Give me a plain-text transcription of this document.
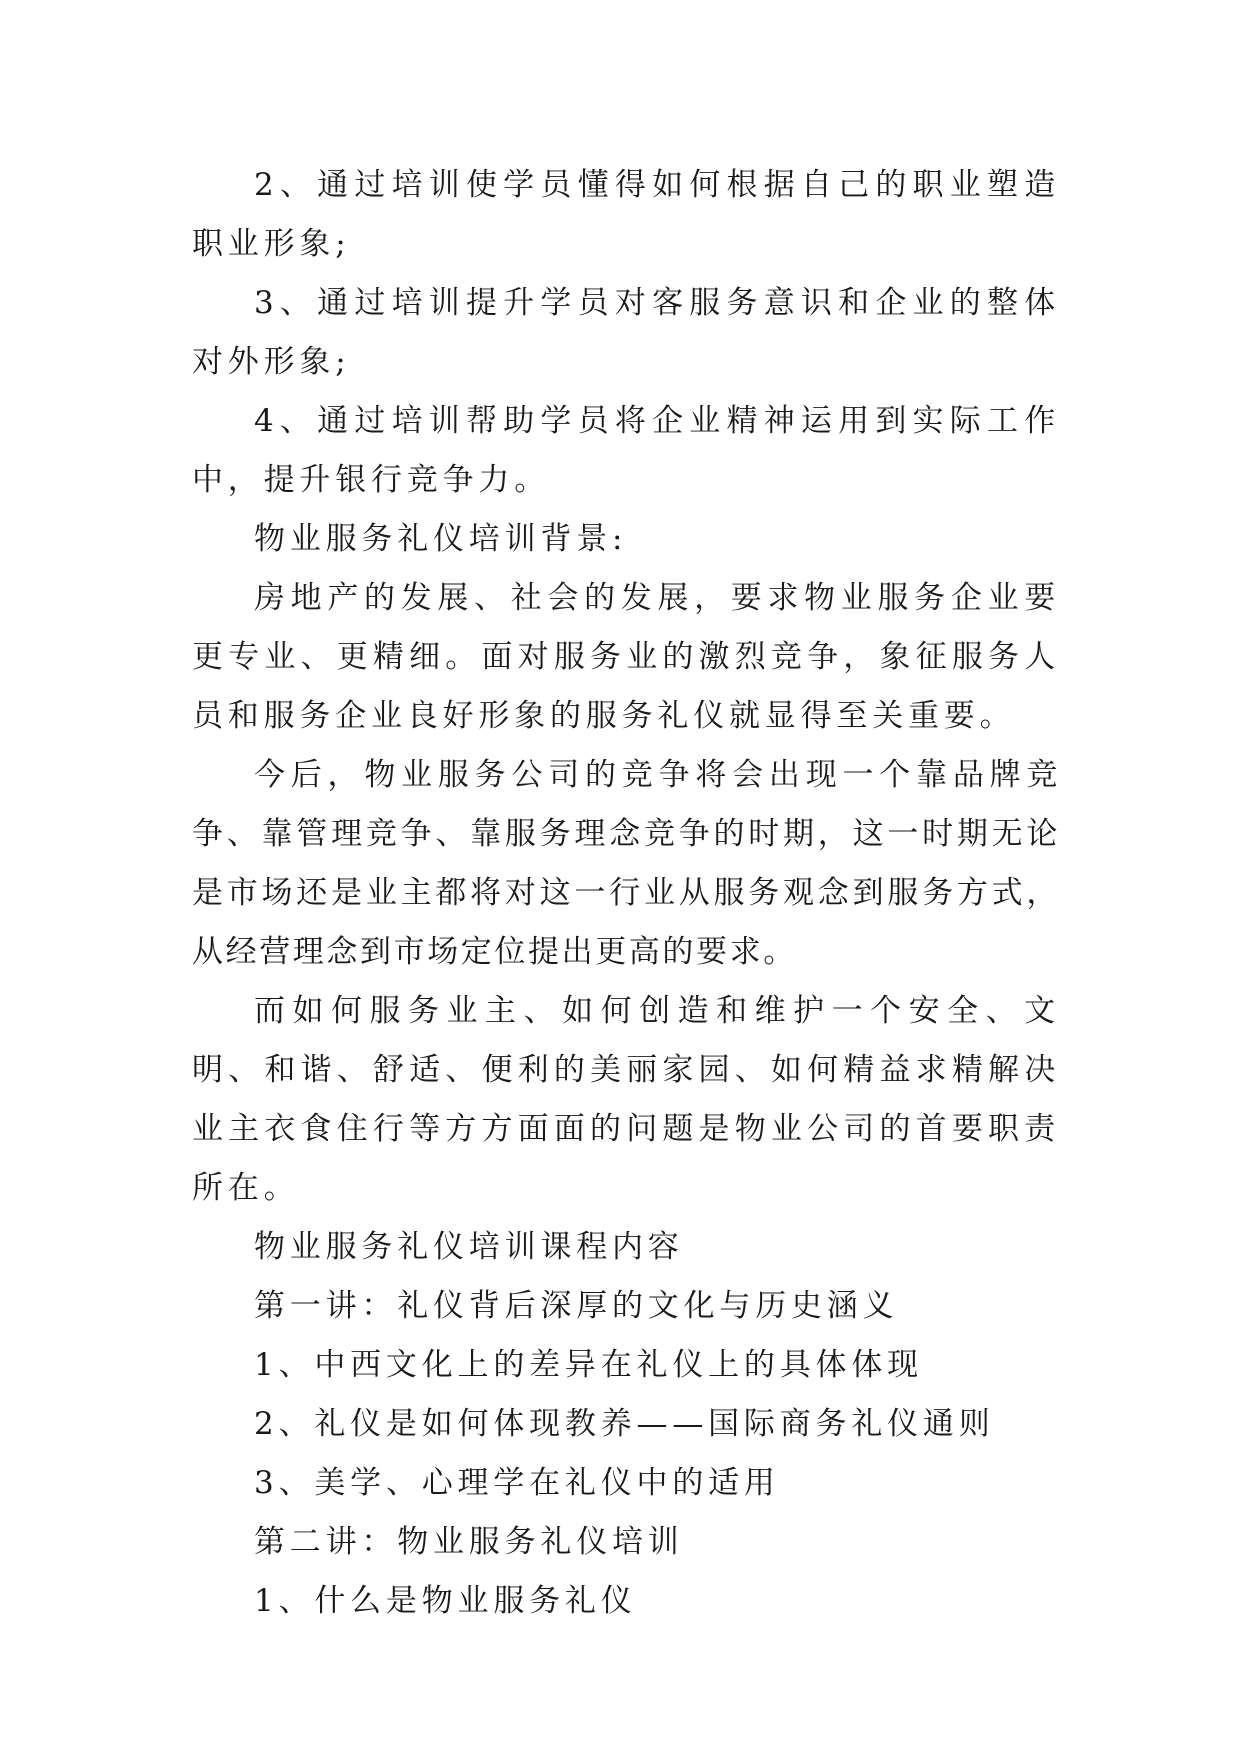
2、通过培训使学员懂得如何根据自己的职业塑造职业形象;

3、通过培训提升学员对客服务意识和企业的整体对外形象;

4、通过培训帮助学员将企业精神运用到实际工作中，提升银行竞争力。

物业服务礼仪培训背景:

房地产的发展、社会的发展，要求物业服务企业要更专业、更精细。面对服务业的激烈竞争，象征服务人员和服务企业良好形象的服务礼仪就显得至关重要。

今后，物业服务公司的竞争将会出现一个靠品牌竞争、靠管理竞争、靠服务理念竞争的时期，这一时期无论是市场还是业主都将对这一行业从服务观念到服务方式，从经营理念到市场定位提出更高的要求。

而如何服务业主、如何创造和维护一个安全、文明、和谐、舒适、便利的美丽家园、如何精益求精解决业主衣食住行等方方面面的问题是物业公司的首要职责所在。

物业服务礼仪培训课程内容

第一讲：礼仪背后深厚的文化与历史涵义

1、中西文化上的差异在礼仪上的具体体现

2、礼仪是如何体现教养——国际商务礼仪通则

3、美学、心理学在礼仪中的适用

第二讲：物业服务礼仪培训

1、什么是物业服务礼仪
